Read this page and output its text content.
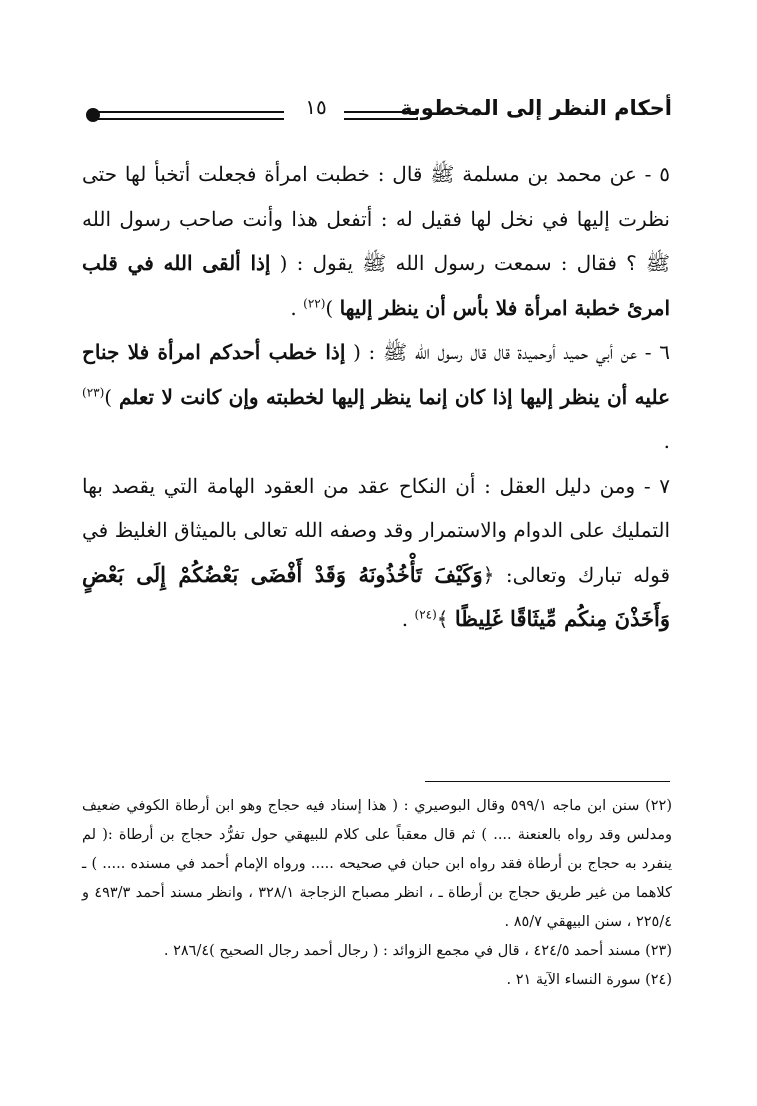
أحكام النظر إلى المخطوبة
١٥

٥ - عن محمد بن مسلمة ﷺ قال : خطبت امرأة فجعلت أتخبأ لها حتى نظرت إليها في نخل لها فقيل له : أتفعل هذا وأنت صاحب رسول الله ﷺ ؟ فقال : سمعت رسول الله ﷺ يقول : ( إذا ألقى الله في قلب امرئ خطبة امرأة فلا بأس أن ينظر إليها )$^{(٢٢)}$ .

٦ - عن أبي حميد أوحميدة قال قال رسول الله ﷺ : ( إذا خطب أحدكم امرأة فلا جناح عليه أن ينظر إليها إذا كان إنما ينظر إليها لخطبته وإن كانت لا تعلم )$^{(٢٣)}$ .

٧ - ومن دليل العقل : أن النكاح عقد من العقود الهامة التي يقصد بها التمليك على الدوام والاستمرار وقد وصفه الله تعالى بالميثاق الغليظ في قوله تبارك وتعالى: ﴿وَكَيْفَ تَأْخُذُونَهُ وَقَدْ أَفْضَى بَعْضُكُمْ إِلَى بَعْضٍ وَأَخَذْنَ مِنكُم مِّيثَاقًا غَلِيظًا ﴾$^{(٢٤)}$ .

(٢٢) سنن ابن ماجه ٥٩٩/١ وقال البوصيري : ( هذا إسناد فيه حجاج وهو ابن أرطاة الكوفي ضعيف ومدلس وقد رواه بالعنعنة .... ) ثم قال معقباً على كلام للبيهقي حول تفرُّد حجاج بن أرطاة :( لم ينفرد به حجاج بن أرطاة فقد رواه ابن حبان في صحيحه ..... ورواه الإمام أحمد في مسنده ..... ) ـ كلاهما من غير طريق حجاج بن أرطاة ـ ، انظر مصباح الزجاجة ٣٢٨/١ ، وانظر مسند أحمد ٤٩٣/٣ و ٢٢٥/٤ ، سنن البيهقي ٨٥/٧ .

(٢٣) مسند أحمد ٤٢٤/٥ ، قال في مجمع الزوائد : ( رجال أحمد رجال الصحيح )٢٨٦/٤ .

(٢٤) سورة النساء الآية ٢١ .
